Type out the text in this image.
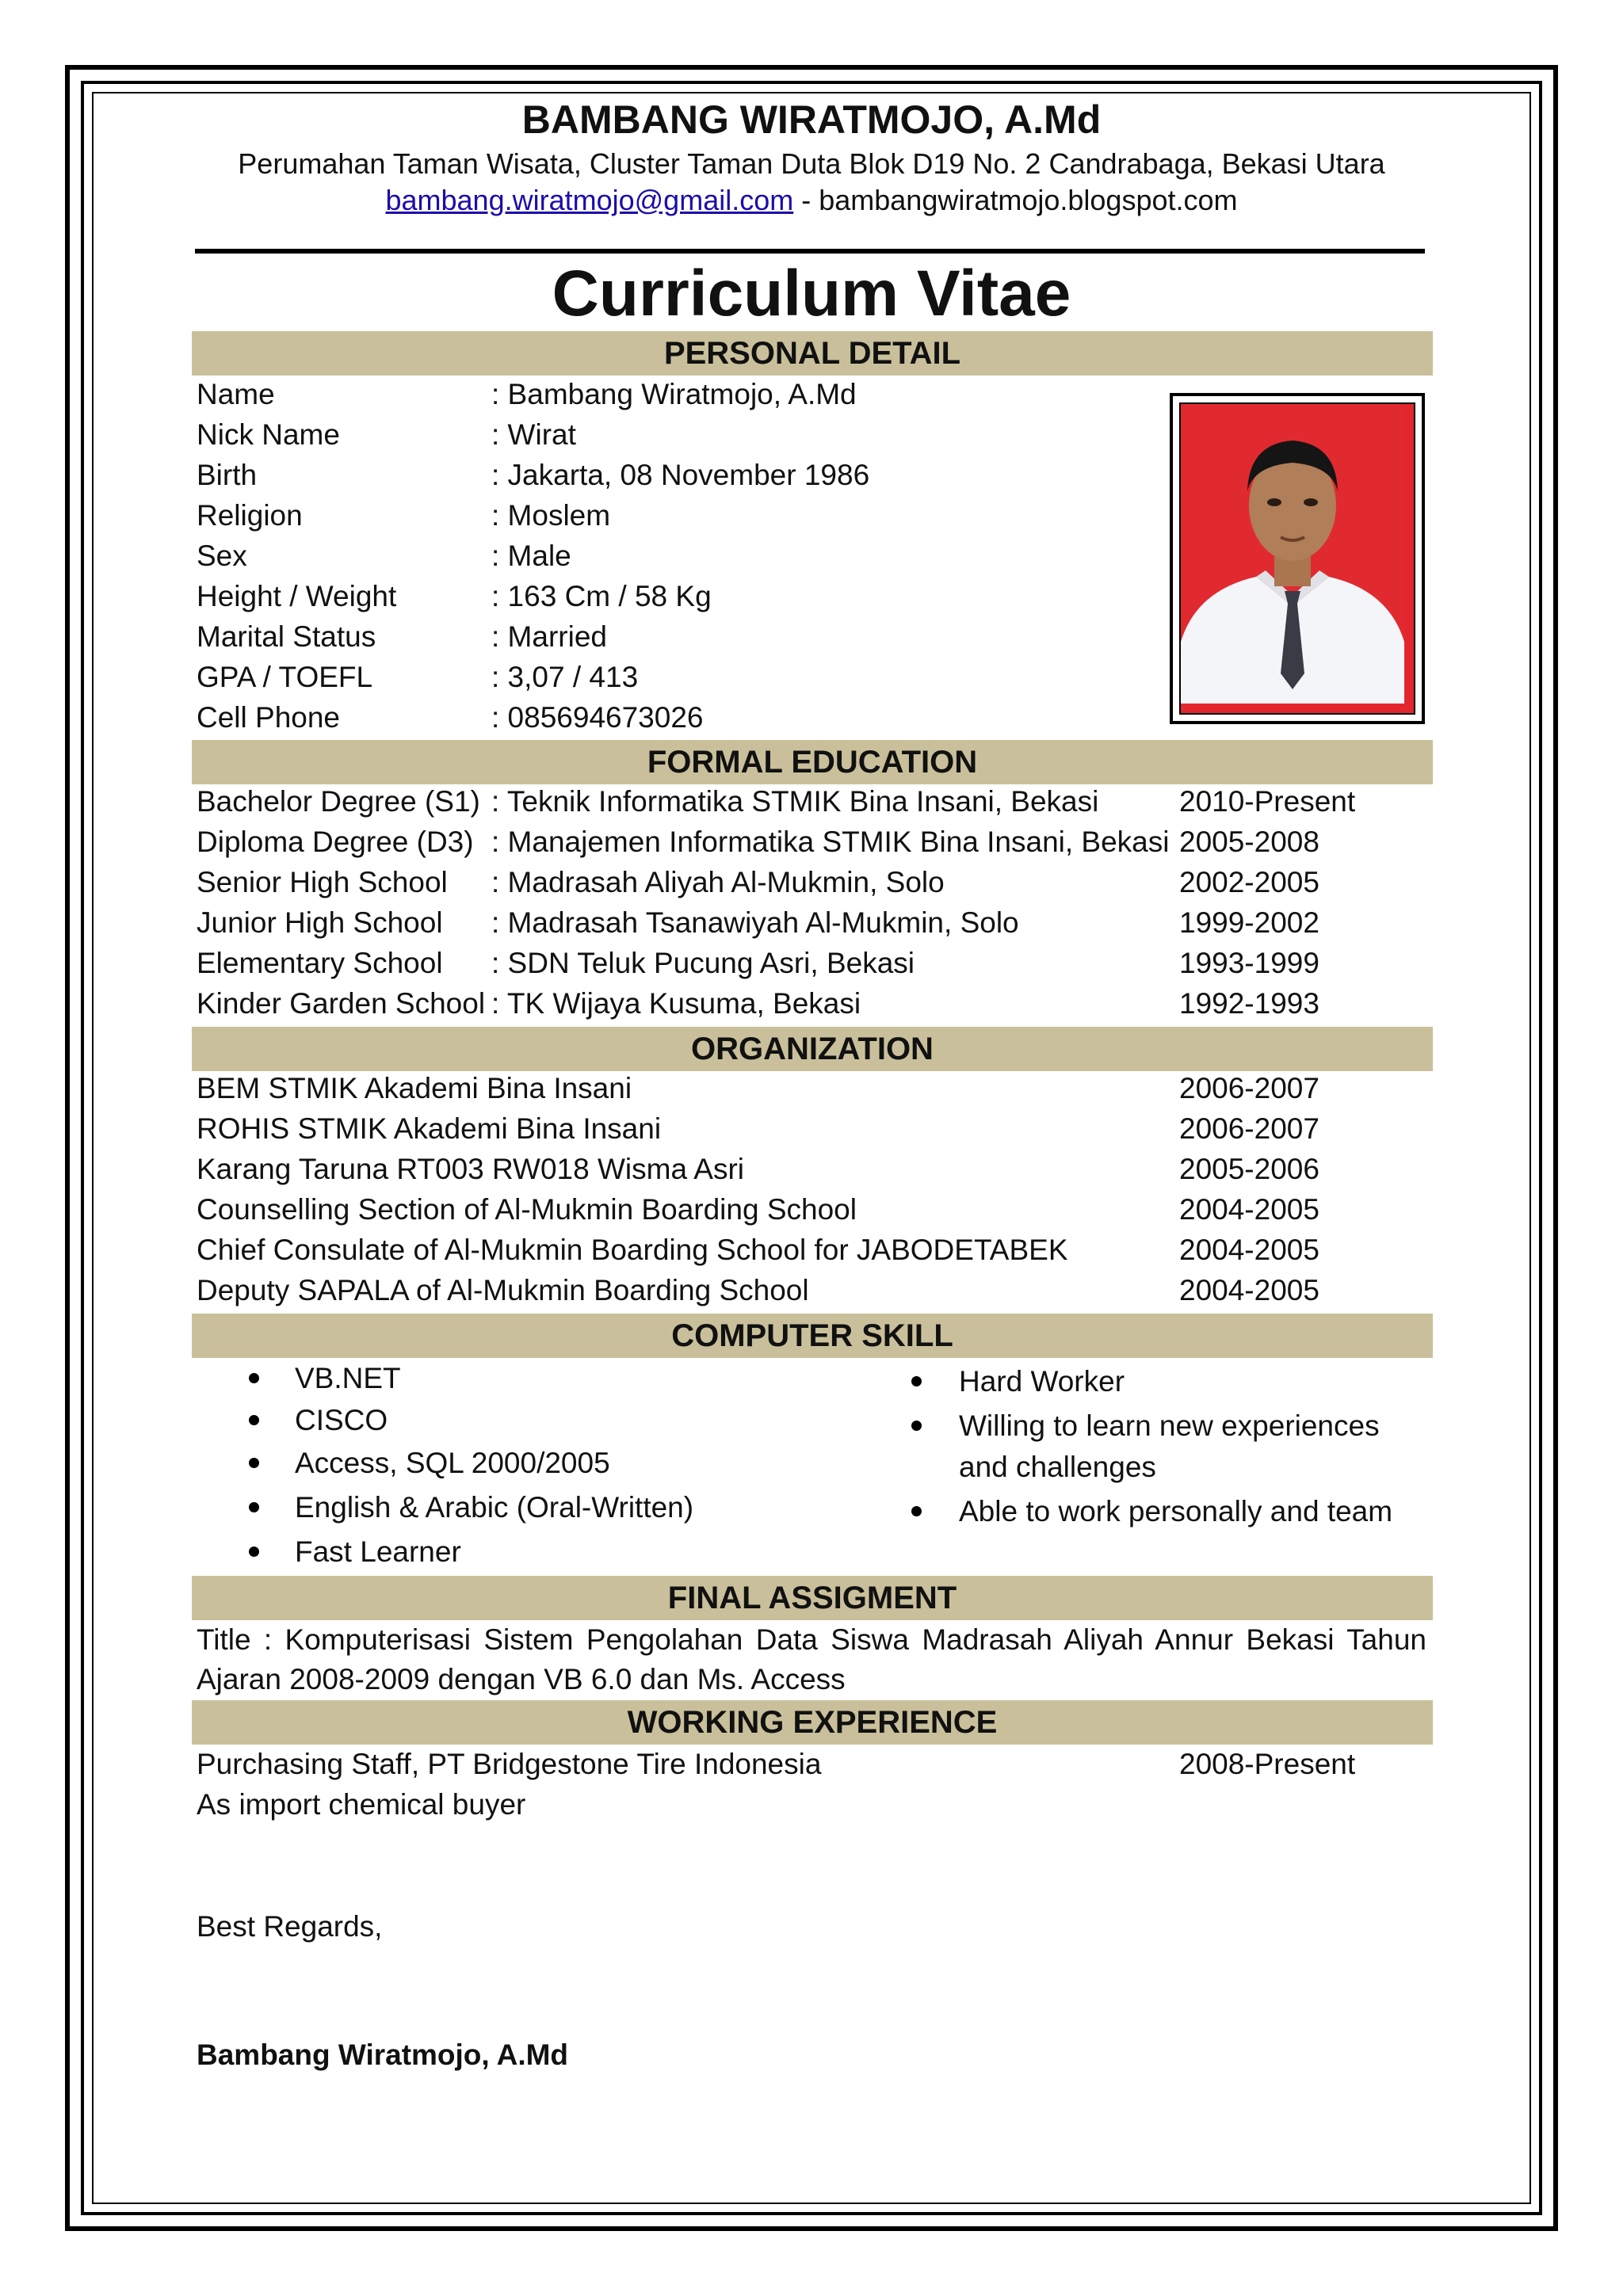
BAMBANG WIRATMOJO, A.Md
Perumahan Taman Wisata, Cluster Taman Duta Blok D19 No. 2 Candrabaga, Bekasi Utara
bambang.wiratmojo@gmail.com - bambangwiratmojo.blogspot.com
Curriculum Vitae
PERSONAL DETAIL
Name	: Bambang Wiratmojo, A.Md
Nick Name	: Wirat
Birth	: Jakarta, 08 November 1986
Religion	: Moslem
Sex	: Male
Height / Weight	: 163 Cm / 58 Kg
Marital Status	: Married
GPA / TOEFL	: 3,07 / 413
Cell Phone	: 085694673026
FORMAL EDUCATION
Bachelor Degree (S1) : Teknik Informatika STMIK Bina Insani, Bekasi	2010-Present
Diploma Degree (D3) : Manajemen Informatika STMIK Bina Insani, Bekasi 2005-2008
Senior High School : Madrasah Aliyah Al-Mukmin, Solo	2002-2005
Junior High School : Madrasah Tsanawiyah Al-Mukmin, Solo	1999-2002
Elementary School : SDN Teluk Pucung Asri, Bekasi	1993-1999
Kinder Garden School : TK Wijaya Kusuma, Bekasi	1992-1993
ORGANIZATION
BEM STMIK Akademi Bina Insani	2006-2007
ROHIS STMIK Akademi Bina Insani	2006-2007
Karang Taruna RT003 RW018 Wisma Asri	2005-2006
Counselling Section of Al-Mukmin Boarding School	2004-2005
Chief Consulate of Al-Mukmin Boarding School for JABODETABEK	2004-2005
Deputy SAPALA of Al-Mukmin Boarding School	2004-2005
COMPUTER SKILL
VB.NET
CISCO
Access, SQL 2000/2005
English & Arabic (Oral-Written)
Fast Learner
Hard Worker
Willing to learn new experiences
and challenges
Able to work personally and team
FINAL ASSIGMENT
Title : Komputerisasi Sistem Pengolahan Data Siswa Madrasah Aliyah Annur Bekasi Tahun Ajaran 2008-2009 dengan VB 6.0 dan Ms. Access
WORKING EXPERIENCE
Purchasing Staff, PT Bridgestone Tire Indonesia	2008-Present
As import chemical buyer
Best Regards,
Bambang Wiratmojo, A.Md
